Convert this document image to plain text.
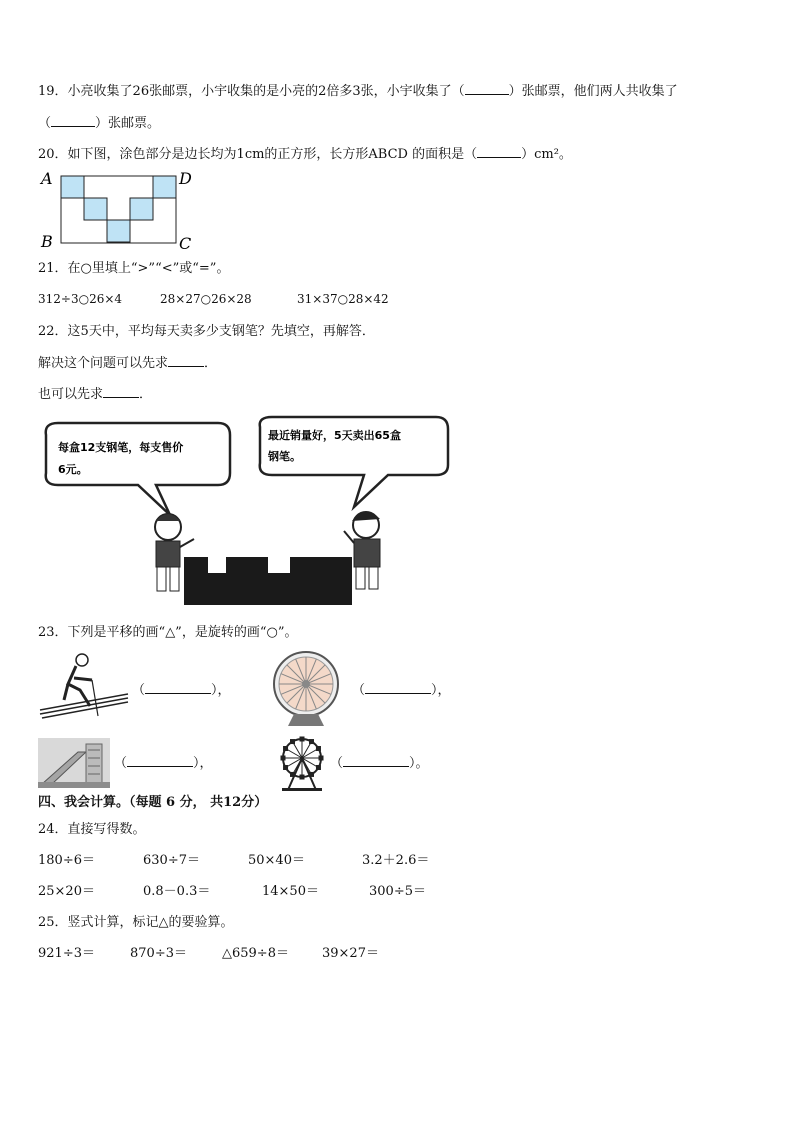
19．小亮收集了26张邮票，小宇收集的是小亮的2倍多3张，小宇收集了（	）张邮票，他们两人共收集了
（	）张邮票。
20．如下图，涂色部分是边长均为1cm的正方形，长方形ABCD 的面积是（	）cm²。
A	D
B	C
21．在○里填上“>”“<”或“=”。
312÷3○26×4	28×27○26×28	31×37○28×42
22．这5天中，平均每天卖多少支钢笔？先填空，再解答．
解决这个问题可以先求	．
也可以先求	．
每盒12支钢笔，每支售价
6元。
最近销量好，5天卖出65盒
钢笔。
23．下列是平移的画“△”，是旋转的画“○”。
（	），	（	），
（	），	（	）。
四、我会计算。（每题 6 分， 共12分）
24．直接写得数。
180÷6＝	630÷7＝	50×40＝	3.2＋2.6＝
25×20＝	0.8－0.3＝	14×50＝	300÷5＝
25．竖式计算，标记△的要验算。
921÷3＝	870÷3＝	△659÷8＝	39×27＝
